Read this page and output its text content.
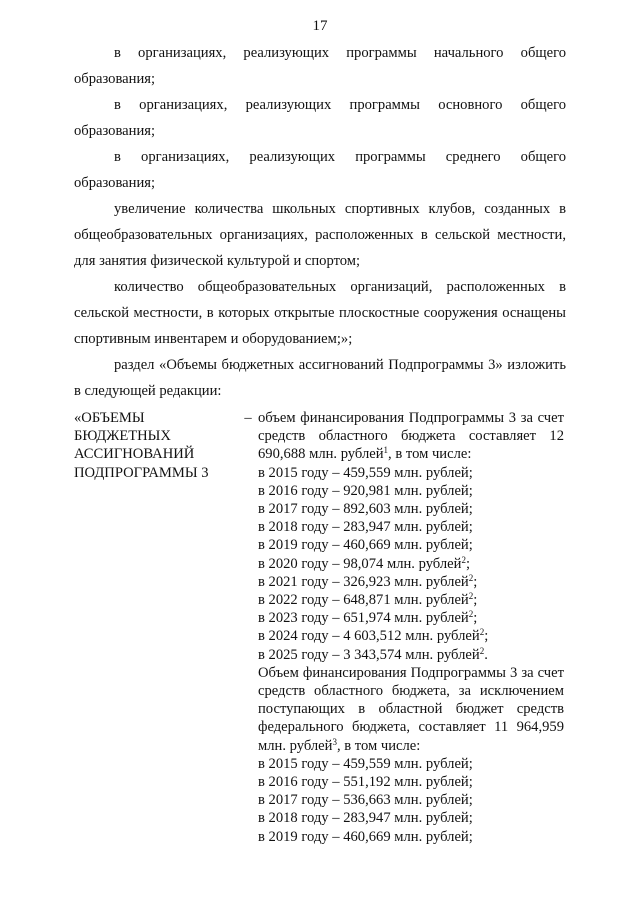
17

в организациях, реализующих программы начального общего образования;

в организациях, реализующих программы основного общего образования;

в организациях, реализующих программы среднего общего образования;

увеличение количества школьных спортивных клубов, созданных в общеобразовательных организациях, расположенных в сельской местности, для занятия физической культурой и спортом;

количество общеобразовательных организаций, расположенных в сельской местности, в которых открытые плоскостные сооружения оснащены спортивным инвентарем и оборудованием;»;

раздел «Объемы бюджетных ассигнований Подпрограммы 3» изложить в следующей редакции:

«ОБЪЕМЫ
БЮДЖЕТНЫХ
АССИГНОВАНИЙ
ПОДПРОГРАММЫ 3
– объем финансирования Подпрограммы 3 за счет средств областного бюджета составляет 12 690,688 млн. рублей$^1$, в том числе:
в 2015 году – 459,559 млн. рублей;
в 2016 году – 920,981 млн. рублей;
в 2017 году – 892,603 млн. рублей;
в 2018 году – 283,947 млн. рублей;
в 2019 году – 460,669 млн. рублей;
в 2020 году – 98,074 млн. рублей$^2$;
в 2021 году – 326,923 млн. рублей$^2$;
в 2022 году – 648,871 млн. рублей$^2$;
в 2023 году – 651,974 млн. рублей$^2$;
в 2024 году – 4 603,512 млн. рублей$^2$;
в 2025 году – 3 343,574 млн. рублей$^2$.
Объем финансирования Подпрограммы 3 за счет средств областного бюджета, за исключением поступающих в областной бюджет средств федерального бюджета, составляет 11 964,959 млн. рублей$^3$, в том числе:
в 2015 году – 459,559 млн. рублей;
в 2016 году – 551,192 млн. рублей;
в 2017 году – 536,663 млн. рублей;
в 2018 году – 283,947 млн. рублей;
в 2019 году – 460,669 млн. рублей;
